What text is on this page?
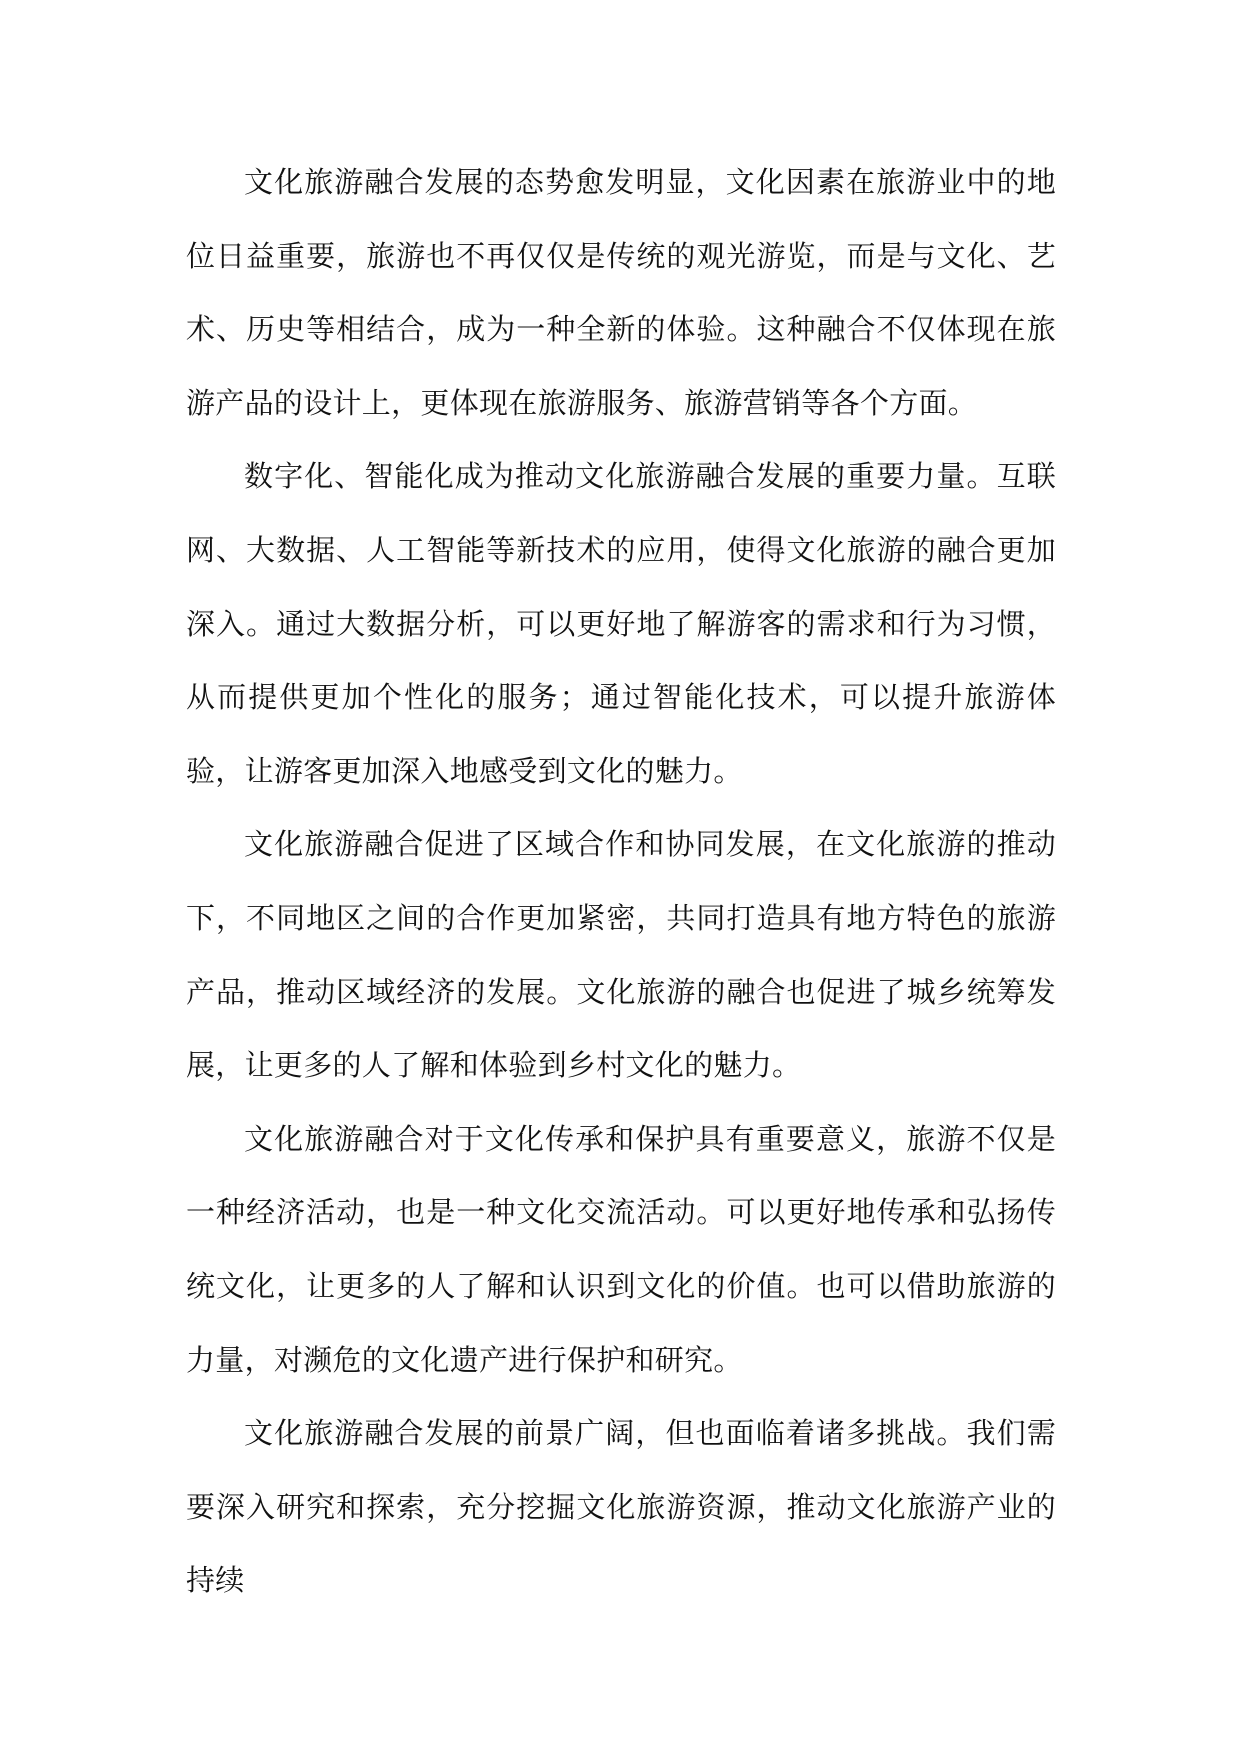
文化旅游融合发展的态势愈发明显，文化因素在旅游业中的地位日益重要，旅游也不再仅仅是传统的观光游览，而是与文化、艺术、历史等相结合，成为一种全新的体验。这种融合不仅体现在旅游产品的设计上，更体现在旅游服务、旅游营销等各个方面。

数字化、智能化成为推动文化旅游融合发展的重要力量。互联网、大数据、人工智能等新技术的应用，使得文化旅游的融合更加深入。通过大数据分析，可以更好地了解游客的需求和行为习惯，从而提供更加个性化的服务；通过智能化技术，可以提升旅游体验，让游客更加深入地感受到文化的魅力。

文化旅游融合促进了区域合作和协同发展，在文化旅游的推动下，不同地区之间的合作更加紧密，共同打造具有地方特色的旅游产品，推动区域经济的发展。文化旅游的融合也促进了城乡统筹发展，让更多的人了解和体验到乡村文化的魅力。

文化旅游融合对于文化传承和保护具有重要意义，旅游不仅是一种经济活动，也是一种文化交流活动。可以更好地传承和弘扬传统文化，让更多的人了解和认识到文化的价值。也可以借助旅游的力量，对濒危的文化遗产进行保护和研究。

文化旅游融合发展的前景广阔，但也面临着诸多挑战。我们需要深入研究和探索，充分挖掘文化旅游资源，推动文化旅游产业的持续
